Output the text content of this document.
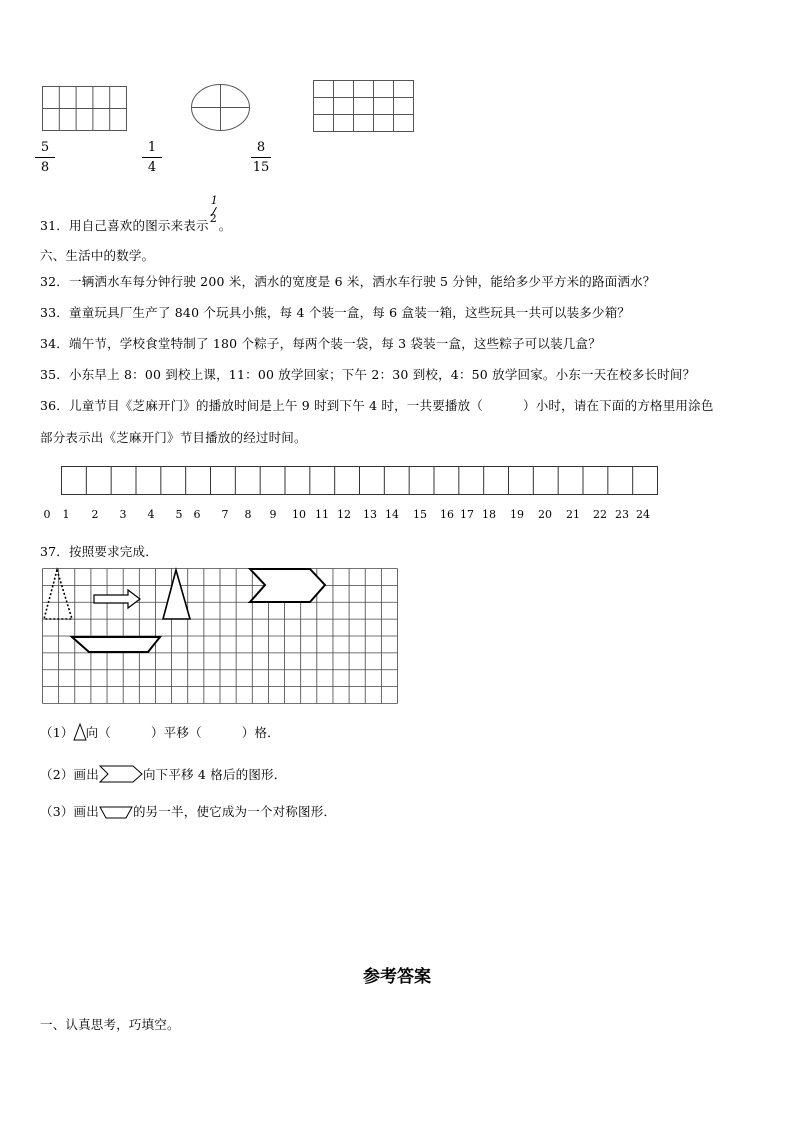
5
8
1
4
8
15
31．用自己喜欢的图示来表示
1
2 。
六、生活中的数学。
32．一辆洒水车每分钟行驶 200 米，洒水的宽度是 6 米，洒水车行驶 5 分钟，能给多少平方米的路面洒水？
33．童童玩具厂生产了 840 个玩具小熊，每 4 个装一盒，每 6 盒装一箱，这些玩具一共可以装多少箱？
34．端午节，学校食堂特制了 180 个粽子，每两个装一袋，每 3 袋装一盒，这些粽子可以装几盒？
35．小东早上 8：00 到校上课，11：00 放学回家；下午 2：30 到校，4：50 放学回家。小东一天在校多长时间？
36．儿童节目《芝麻开门》的播放时间是上午 9 时到下午 4 时，一共要播放（	）小时，请在下面的方格里用涂色
部分表示出《芝麻开门》节目播放的经过时间。
0	1	2	3	4	5	6	7	8	9	10 11 12	13 14	15	16 17 18	19	20	21	22 23 24
37．按照要求完成．
（1） 向（	）平移（	）格．
（2）画出	向下平移 4 格后的图形．
（3）画出	的另一半，使它成为一个对称图形．
参考答案
一、认真思考，巧填空。
